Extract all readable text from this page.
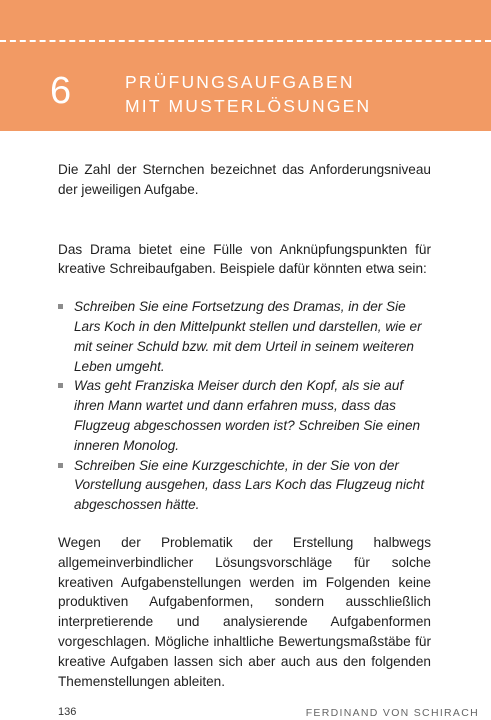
6	PRÜFUNGSAUFGABEN
MIT MUSTERLÖSUNGEN

Die Zahl der Sternchen bezeichnet das Anforderungsniveau der jeweiligen Aufgabe.

Das Drama bietet eine Fülle von Anknüpfungspunkten für kreative Schreibaufgaben. Beispiele dafür könnten etwa sein:

Schreiben Sie eine Fortsetzung des Dramas, in der Sie Lars Koch in den Mittelpunkt stellen und darstellen, wie er mit seiner Schuld bzw. mit dem Urteil in seinem weiteren Leben umgeht.
Was geht Franziska Meiser durch den Kopf, als sie auf ihren Mann wartet und dann erfahren muss, dass das Flugzeug abgeschossen worden ist? Schreiben Sie einen inneren Monolog.
Schreiben Sie eine Kurzgeschichte, in der Sie von der Vorstellung ausgehen, dass Lars Koch das Flugzeug nicht abgeschossen hätte.

Wegen der Problematik der Erstellung halbwegs allgemeinverbindlicher Lösungsvorschläge für solche kreativen Aufgabenstellungen werden im Folgenden keine produktiven Aufgabenformen, sondern ausschließlich interpretierende und analysierende Aufgabenformen vorgeschlagen. Mögliche inhaltliche Bewertungsmaßstäbe für kreative Aufgaben lassen sich aber auch aus den folgenden Themenstellungen ableiten.

136	FERDINAND VON SCHIRACH
